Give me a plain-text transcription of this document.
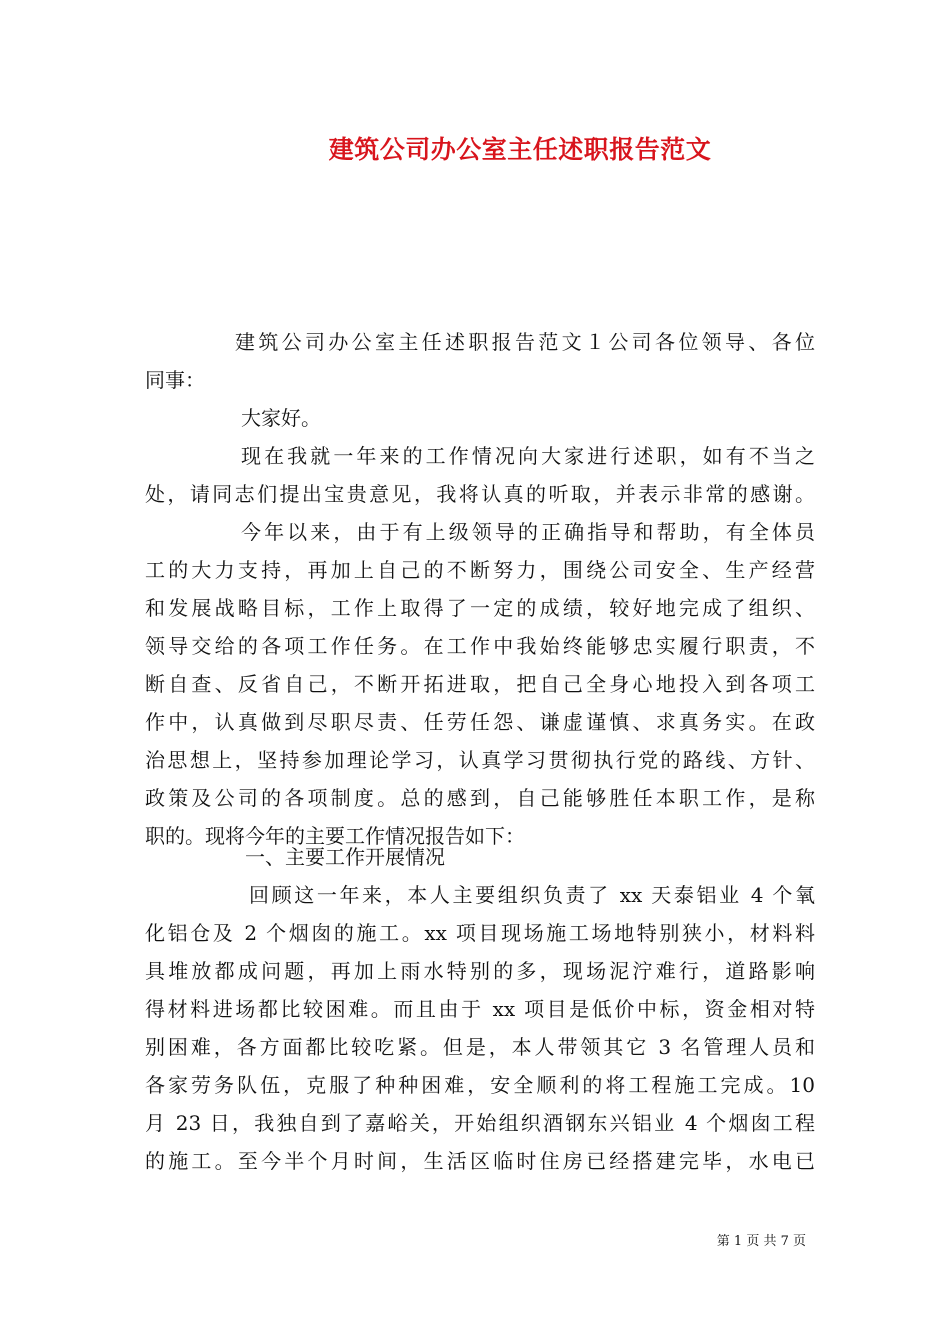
建筑公司办公室主任述职报告范文
建筑公司办公室主任述职报告范文１公司各位领导、各位
同事：
大家好。
现在我就一年来的工作情况向大家进行述职，如有不当之
处，请同志们提出宝贵意见，我将认真的听取，并表示非常的感谢。
今年以来，由于有上级领导的正确指导和帮助，有全体员
工的大力支持，再加上自己的不断努力，围绕公司安全、生产经营
和发展战略目标，工作上取得了一定的成绩，较好地完成了组织、
领导交给的各项工作任务。在工作中我始终能够忠实履行职责，不
断自查、反省自己，不断开拓进取，把自己全身心地投入到各项工
作中，认真做到尽职尽责、任劳任怨、谦虚谨慎、求真务实。在政
治思想上，坚持参加理论学习，认真学习贯彻执行党的路线、方针、
政策及公司的各项制度。总的感到，自己能够胜任本职工作，是称
职的。现将今年的主要工作情况报告如下：
一、主要工作开展情况
回顾这一年来，本人主要组织负责了 xx 天泰铝业 4 个氧
化铝仓及 2 个烟囱的施工。xx 项目现场施工场地特别狭小，材料料
具堆放都成问题，再加上雨水特别的多，现场泥泞难行，道路影响
得材料进场都比较困难。而且由于 xx 项目是低价中标，资金相对特
别困难，各方面都比较吃紧。但是，本人带领其它 3 名管理人员和
各家劳务队伍，克服了种种困难，安全顺利的将工程施工完成。10
月 23 日，我独自到了嘉峪关，开始组织酒钢东兴铝业 4 个烟囱工程
的施工。至今半个月时间，生活区临时住房已经搭建完毕，水电已
第 1 页 共 7 页
